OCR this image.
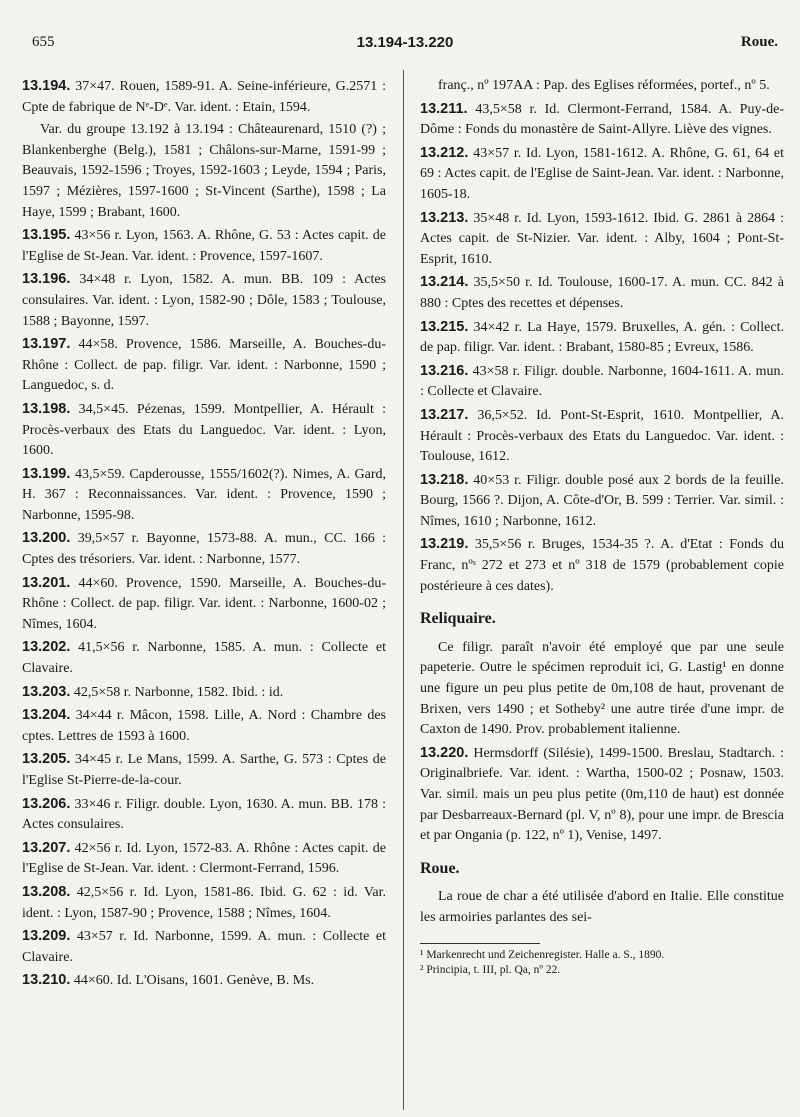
655	13.194-13.220	Roue.
13.194. 37×47. Rouen, 1589-91. A. Seine-inférieure, G.2571 : Cpte de fabrique de Nᵉ-Dᵉ. Var. ident. : Etain, 1594.
Var. du groupe 13.192 à 13.194 : Châteaurenard, 1510 (?) ; Blankenberghe (Belg.), 1581 ; Châlons-sur-Marne, 1591-99 ; Beauvais, 1592-1596 ; Troyes, 1592-1603 ; Leyde, 1594 ; Paris, 1597 ; Mézières, 1597-1600 ; St-Vincent (Sarthe), 1598 ; La Haye, 1599 ; Brabant, 1600.
13.195. 43×56 r. Lyon, 1563. A. Rhône, G. 53 : Actes capit. de l'Eglise de St-Jean. Var. ident. : Provence, 1597-1607.
13.196. 34×48 r. Lyon, 1582. A. mun. BB. 109 : Actes consulaires. Var. ident. : Lyon, 1582-90 ; Dôle, 1583 ; Toulouse, 1588 ; Bayonne, 1597.
13.197. 44×58. Provence, 1586. Marseille, A. Bouches-du-Rhône : Collect. de pap. filigr. Var. ident. : Narbonne, 1590 ; Languedoc, s. d.
13.198. 34,5×45. Pézenas, 1599. Montpellier, A. Hérault : Procès-verbaux des Etats du Languedoc. Var. ident. : Lyon, 1600.
13.199. 43,5×59. Capderousse, 1555/1602(?). Nimes, A. Gard, H. 367 : Reconnaissances. Var. ident. : Provence, 1590 ; Narbonne, 1595-98.
13.200. 39,5×57 r. Bayonne, 1573-88. A. mun., CC. 166 : Cptes des trésoriers. Var. ident. : Narbonne, 1577.
13.201. 44×60. Provence, 1590. Marseille, A. Bouches-du-Rhône : Collect. de pap. filigr. Var. ident. : Narbonne, 1600-02 ; Nîmes, 1604.
13.202. 41,5×56 r. Narbonne, 1585. A. mun. : Collecte et Clavaire.
13.203. 42,5×58 r. Narbonne, 1582. Ibid. : id.
13.204. 34×44 r. Mâcon, 1598. Lille, A. Nord : Chambre des cptes. Lettres de 1593 à 1600.
13.205. 34×45 r. Le Mans, 1599. A. Sarthe, G. 573 : Cptes de l'Eglise St-Pierre-de-la-cour.
13.206. 33×46 r. Filigr. double. Lyon, 1630. A. mun. BB. 178 : Actes consulaires.
13.207. 42×56 r. Id. Lyon, 1572-83. A. Rhône : Actes capit. de l'Eglise de St-Jean. Var. ident. : Clermont-Ferrand, 1596.
13.208. 42,5×56 r. Id. Lyon, 1581-86. Ibid. G. 62 : id. Var. ident. : Lyon, 1587-90 ; Provence, 1588 ; Nîmes, 1604.
13.209. 43×57 r. Id. Narbonne, 1599. A. mun. : Collecte et Clavaire.
13.210. 44×60. Id. L'Oisans, 1601. Genève, B. Ms.
franç., nº 197AA : Pap. des Eglises réformées, portef., nº 5.
13.211. 43,5×58 r. Id. Clermont-Ferrand, 1584. A. Puy-de-Dôme : Fonds du monastère de Saint-Allyre. Liève des vignes.
13.212. 43×57 r. Id. Lyon, 1581-1612. A. Rhône, G. 61, 64 et 69 : Actes capit. de l'Eglise de Saint-Jean. Var. ident. : Narbonne, 1605-18.
13.213. 35×48 r. Id. Lyon, 1593-1612. Ibid. G. 2861 à 2864 : Actes capit. de St-Nizier. Var. ident. : Alby, 1604 ; Pont-St-Esprit, 1610.
13.214. 35,5×50 r. Id. Toulouse, 1600-17. A. mun. CC. 842 à 880 : Cptes des recettes et dépenses.
13.215. 34×42 r. La Haye, 1579. Bruxelles, A. gén. : Collect. de pap. filigr. Var. ident. : Brabant, 1580-85 ; Evreux, 1586.
13.216. 43×58 r. Filigr. double. Narbonne, 1604-1611. A. mun. : Collecte et Clavaire.
13.217. 36,5×52. Id. Pont-St-Esprit, 1610. Montpellier, A. Hérault : Procès-verbaux des Etats du Languedoc. Var. ident. : Toulouse, 1612.
13.218. 40×53 r. Filigr. double posé aux 2 bords de la feuille. Bourg, 1566 ?. Dijon, A. Côte-d'Or, B. 599 : Terrier. Var. simil. : Nîmes, 1610 ; Narbonne, 1612.
13.219. 35,5×56 r. Bruges, 1534-35 ?. A. d'Etat : Fonds du Franc, nºˢ 272 et 273 et nº 318 de 1579 (probablement copie postérieure à ces dates).
Reliquaire.

Ce filigr. paraît n'avoir été employé que par une seule papeterie. Outre le spécimen reproduit ici, G. Lastig¹ en donne une figure un peu plus petite de 0m,108 de haut, provenant de Brixen, vers 1490 ; et Sotheby² une autre tirée d'une impr. de Caxton de 1490. Prov. probablement italienne.

13.220. Hermsdorff (Silésie), 1499-1500. Breslau, Stadtarch. : Originalbriefe. Var. ident. : Wartha, 1500-02 ; Posnaw, 1503. Var. simil. mais un peu plus petite (0m,110 de haut) est donnée par Desbarreaux-Bernard (pl. V, nº 8), pour une impr. de Brescia et par Ongania (p. 122, nº 1), Venise, 1497.
Roue.

La roue de char a été utilisée d'abord en Italie. Elle constitue les armoiries parlantes des sei-

¹ Markenrecht und Zeichenregister. Halle a. S., 1890.
² Principia, t. III, pl. Qa, nº 22.
